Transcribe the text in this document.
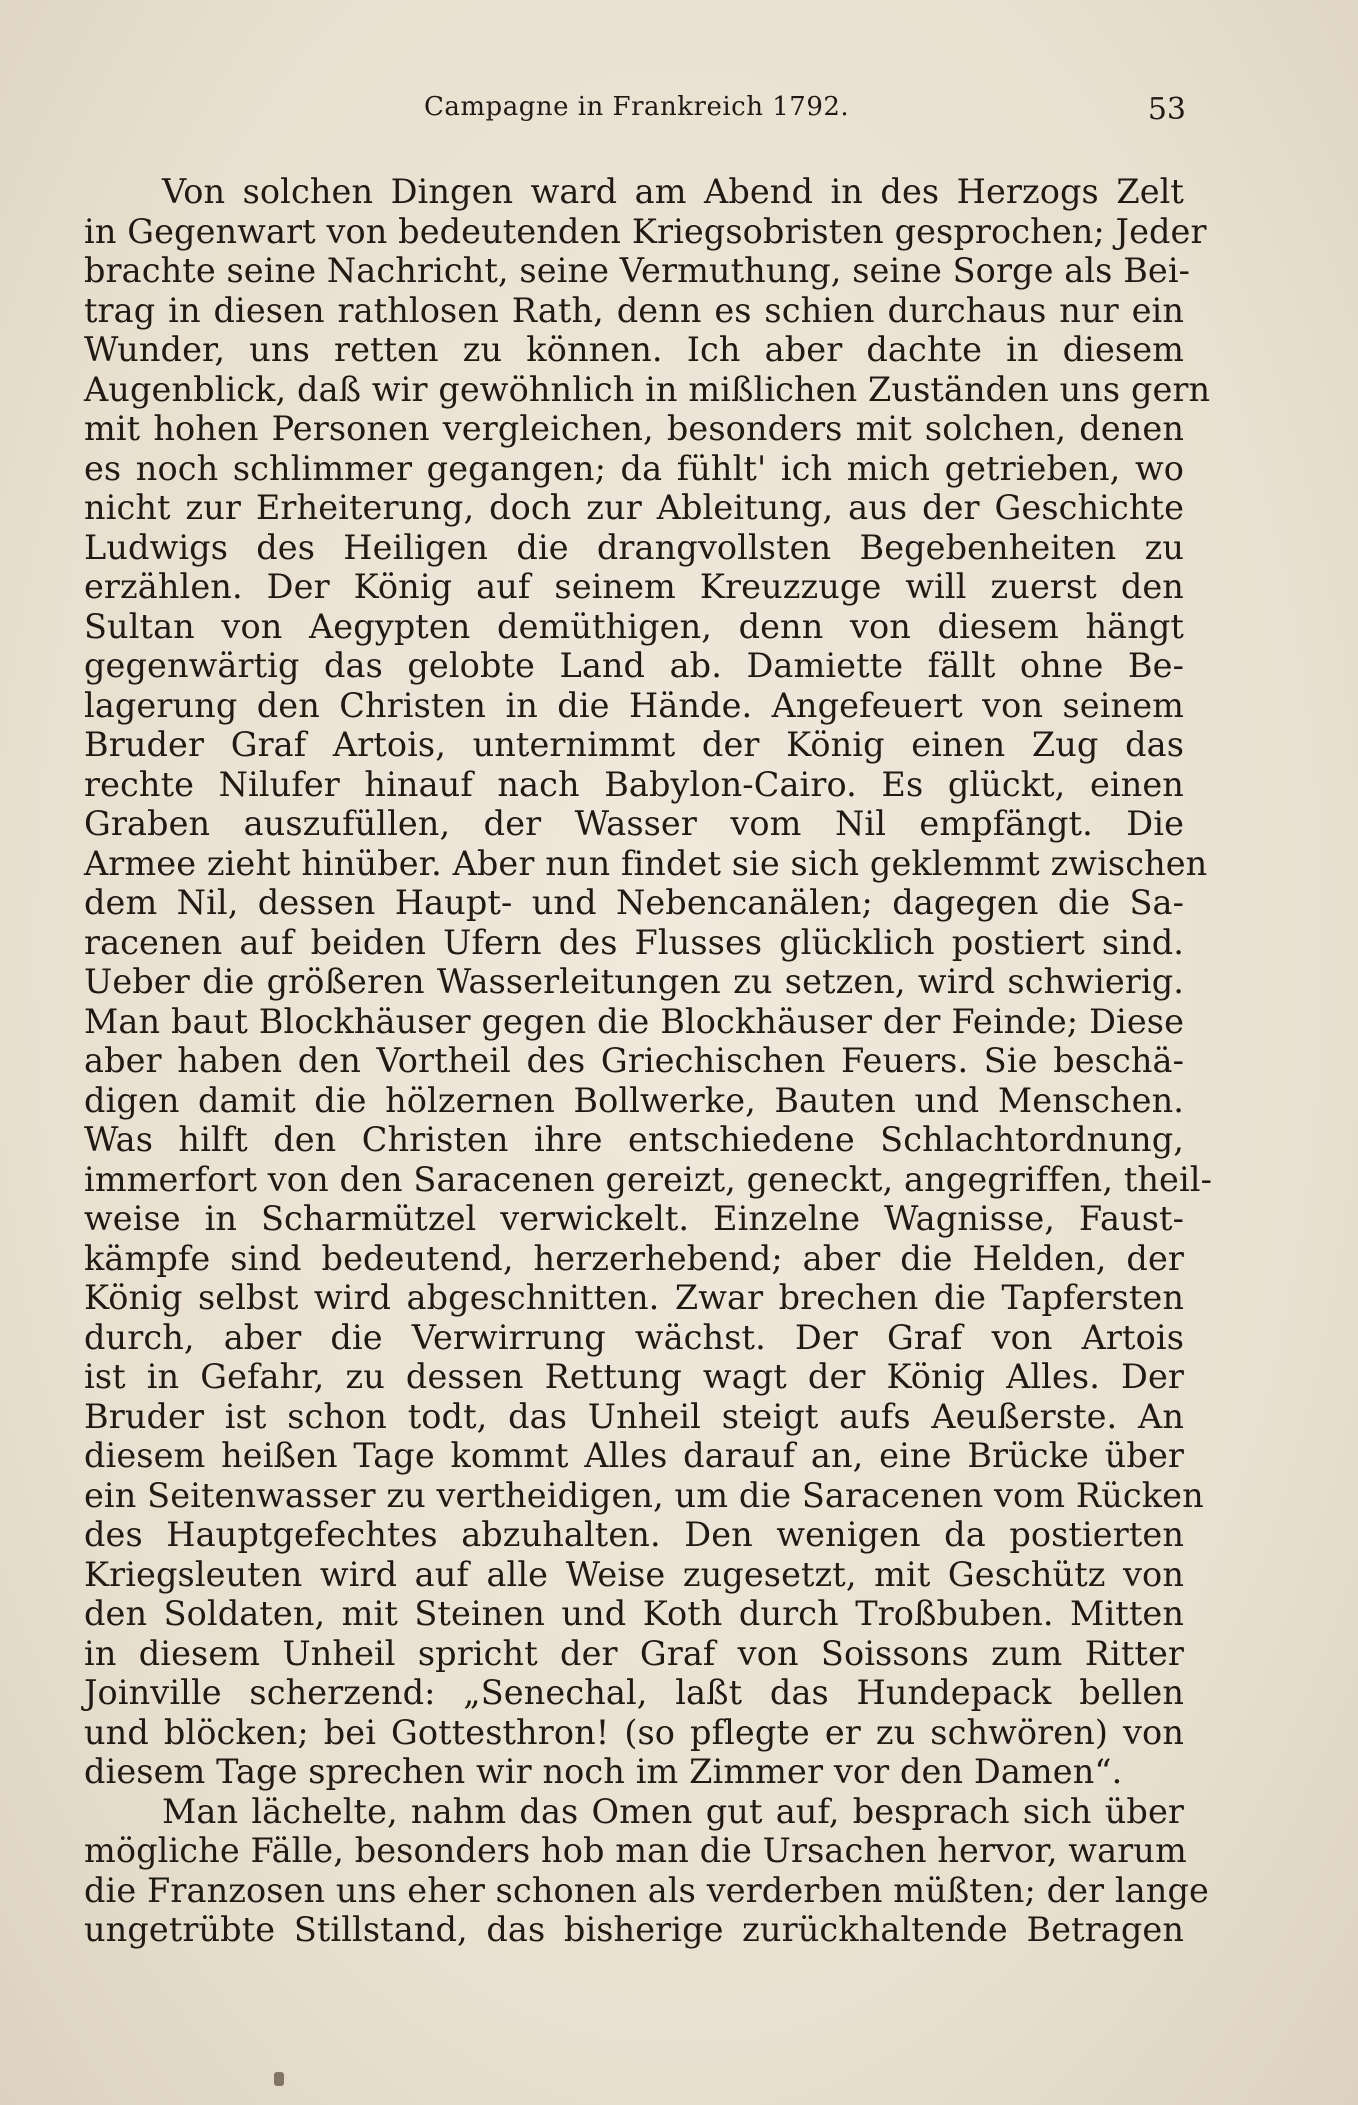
Campagne in Frankreich 1792.	53
Von solchen Dingen ward am Abend in des Herzogs Zelt
in Gegenwart von bedeutenden Kriegsobristen gesprochen; Jeder
brachte seine Nachricht, seine Vermuthung, seine Sorge als Bei-
trag in diesen rathlosen Rath, denn es schien durchaus nur ein
Wunder, uns retten zu können. Ich aber dachte in diesem
Augenblick, daß wir gewöhnlich in mißlichen Zuständen uns gern
mit hohen Personen vergleichen, besonders mit solchen, denen
es noch schlimmer gegangen; da fühlt' ich mich getrieben, wo
nicht zur Erheiterung, doch zur Ableitung, aus der Geschichte
Ludwigs des Heiligen die drangvollsten Begebenheiten zu
erzählen. Der König auf seinem Kreuzzuge will zuerst den
Sultan von Aegypten demüthigen, denn von diesem hängt
gegenwärtig das gelobte Land ab. Damiette fällt ohne Be-
lagerung den Christen in die Hände. Angefeuert von seinem
Bruder Graf Artois, unternimmt der König einen Zug das
rechte Nilufer hinauf nach Babylon-Cairo. Es glückt, einen
Graben auszufüllen, der Wasser vom Nil empfängt. Die
Armee zieht hinüber. Aber nun findet sie sich geklemmt zwischen
dem Nil, dessen Haupt- und Nebencanälen; dagegen die Sa-
racenen auf beiden Ufern des Flusses glücklich postiert sind.
Ueber die größeren Wasserleitungen zu setzen, wird schwierig.
Man baut Blockhäuser gegen die Blockhäuser der Feinde; Diese
aber haben den Vortheil des Griechischen Feuers. Sie beschä-
digen damit die hölzernen Bollwerke, Bauten und Menschen.
Was hilft den Christen ihre entschiedene Schlachtordnung,
immerfort von den Saracenen gereizt, geneckt, angegriffen, theil-
weise in Scharmützel verwickelt. Einzelne Wagnisse, Faust-
kämpfe sind bedeutend, herzerhebend; aber die Helden, der
König selbst wird abgeschnitten. Zwar brechen die Tapfersten
durch, aber die Verwirrung wächst. Der Graf von Artois
ist in Gefahr, zu dessen Rettung wagt der König Alles. Der
Bruder ist schon todt, das Unheil steigt aufs Aeußerste. An
diesem heißen Tage kommt Alles darauf an, eine Brücke über
ein Seitenwasser zu vertheidigen, um die Saracenen vom Rücken
des Hauptgefechtes abzuhalten. Den wenigen da postierten
Kriegsleuten wird auf alle Weise zugesetzt, mit Geschütz von
den Soldaten, mit Steinen und Koth durch Troßbuben. Mitten
in diesem Unheil spricht der Graf von Soissons zum Ritter
Joinville scherzend: „Senechal, laßt das Hundepack bellen
und blöcken; bei Gottesthron! (so pflegte er zu schwören) von
diesem Tage sprechen wir noch im Zimmer vor den Damen“.
Man lächelte, nahm das Omen gut auf, besprach sich über
mögliche Fälle, besonders hob man die Ursachen hervor, warum
die Franzosen uns eher schonen als verderben müßten; der lange
ungetrübte Stillstand, das bisherige zurückhaltende Betragen
